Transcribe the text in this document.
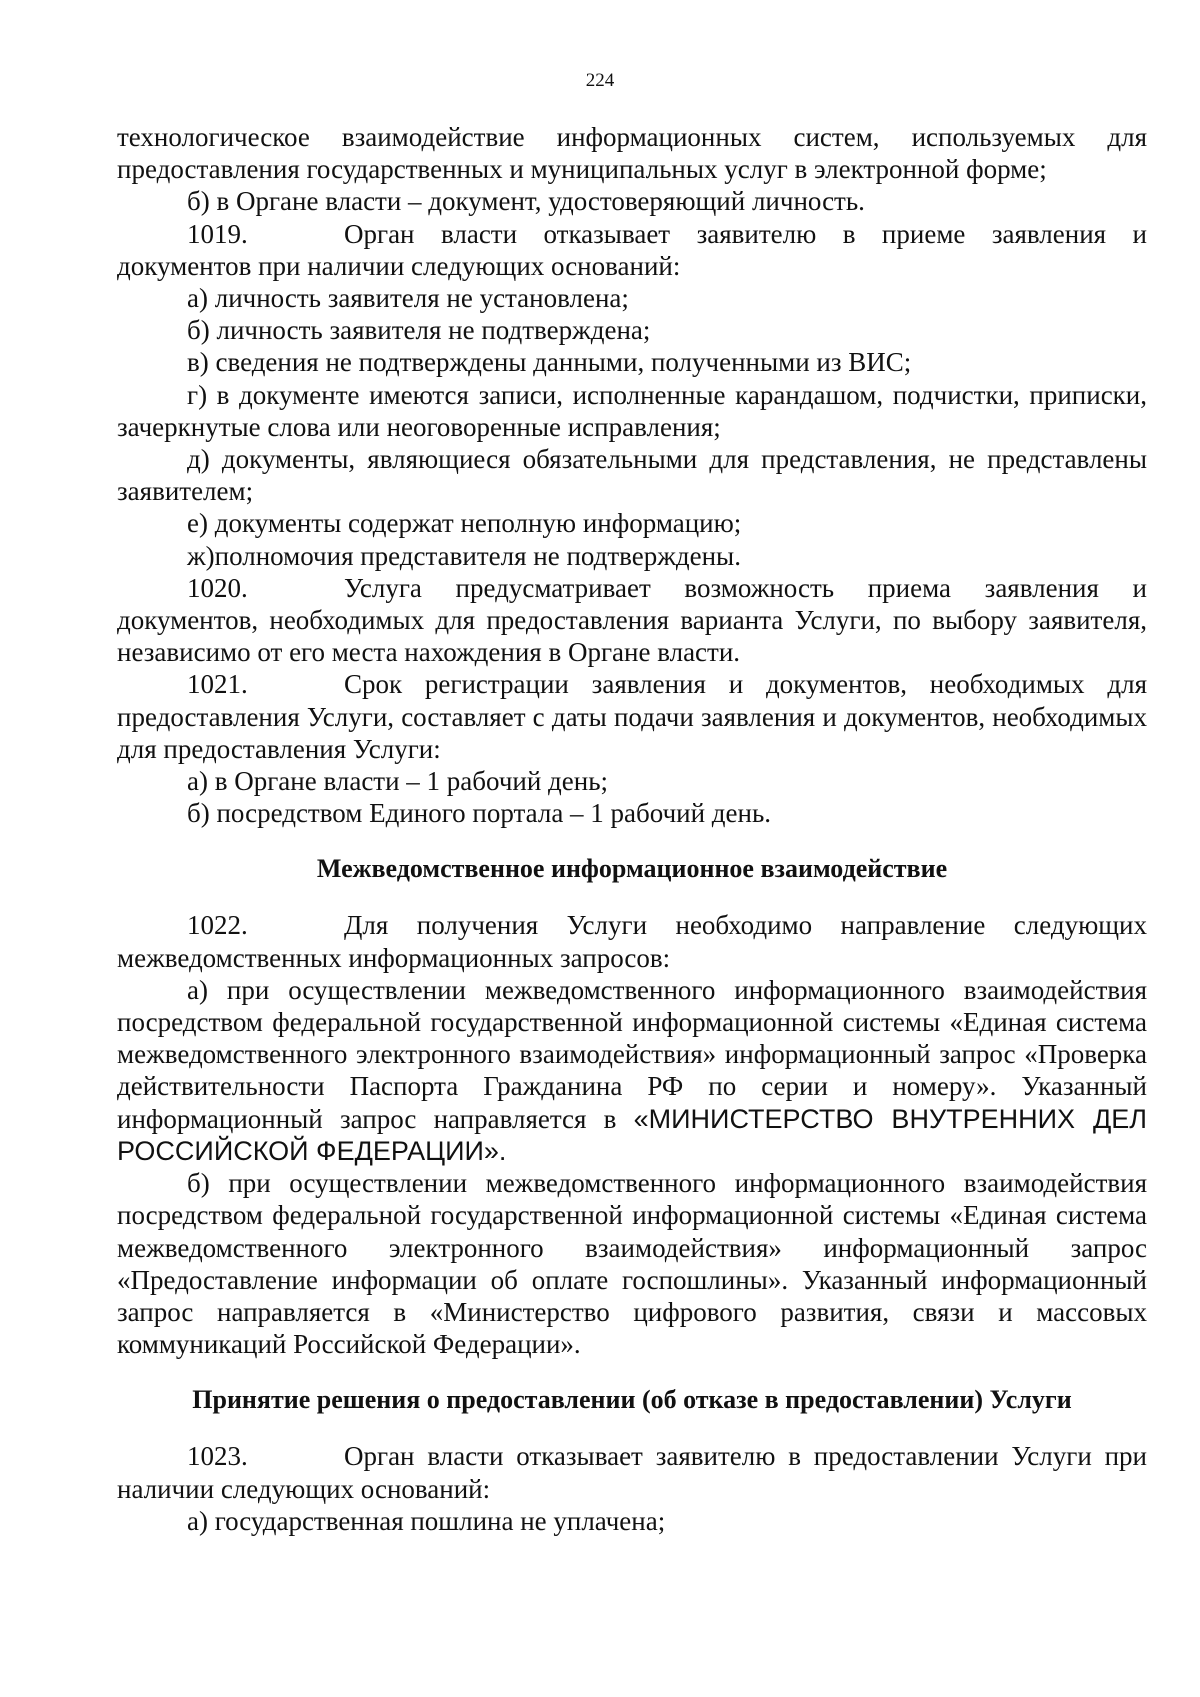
224

технологическое взаимодействие информационных систем, используемых для предоставления государственных и муниципальных услуг в электронной форме;

б) в Органе власти – документ, удостоверяющий личность.

1019.	Орган власти отказывает заявителю в приеме заявления и документов при наличии следующих оснований:

а) личность заявителя не установлена;

б) личность заявителя не подтверждена;

в) сведения не подтверждены данными, полученными из ВИС;

г) в документе имеются записи, исполненные карандашом, подчистки, приписки, зачеркнутые слова или неоговоренные исправления;

д) документы, являющиеся обязательными для представления, не представлены заявителем;

е) документы содержат неполную информацию;

ж)полномочия представителя не подтверждены.

1020.	Услуга предусматривает возможность приема заявления и документов, необходимых для предоставления варианта Услуги, по выбору заявителя, независимо от его места нахождения в Органе власти.

1021.	Срок регистрации заявления и документов, необходимых для предоставления Услуги, составляет с даты подачи заявления и документов, необходимых для предоставления Услуги:

а) в Органе власти – 1 рабочий день;

б) посредством Единого портала – 1 рабочий день.

Межведомственное информационное взаимодействие

1022.	Для получения Услуги необходимо направление следующих межведомственных информационных запросов:

а) при осуществлении межведомственного информационного взаимодействия посредством федеральной государственной информационной системы «Единая система межведомственного электронного взаимодействия» информационный запрос «Проверка действительности Паспорта Гражданина РФ по серии и номеру». Указанный информационный запрос направляется в «МИНИСТЕРСТВО ВНУТРЕННИХ ДЕЛ РОССИЙСКОЙ ФЕДЕРАЦИИ».

б) при осуществлении межведомственного информационного взаимодействия посредством федеральной государственной информационной системы «Единая система межведомственного электронного взаимодействия» информационный запрос «Предоставление информации об оплате госпошлины». Указанный информационный запрос направляется в «Министерство цифрового развития, связи и массовых коммуникаций Российской Федерации».

Принятие решения о предоставлении (об отказе в предоставлении) Услуги

1023.	Орган власти отказывает заявителю в предоставлении Услуги при наличии следующих оснований:

а) государственная пошлина не уплачена;
